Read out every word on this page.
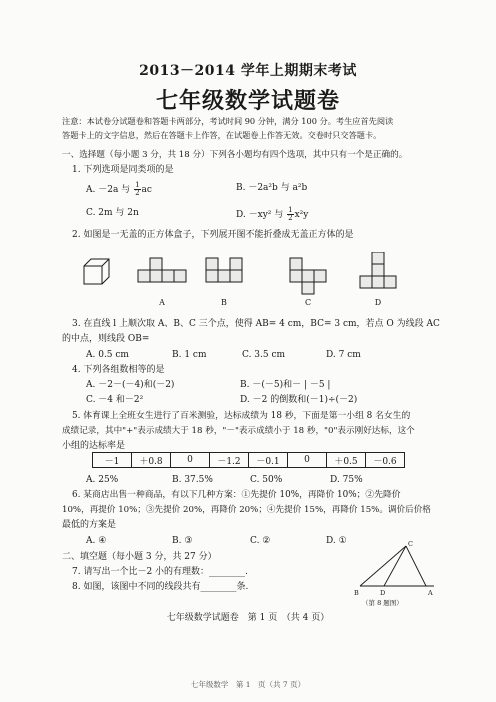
2013－2014 学年上期期末考试
七年级数学试题卷
注意：本试卷分试题卷和答题卡两部分，考试时间 90 分钟，满分 100 分。考生应首先阅读
答题卡上的文字信息，然后在答题卡上作答，在试题卷上作答无效。交卷时只交答题卡。
一、选择题（每小题 3 分，共 18 分）下列各小题均有四个选项，其中只有一个是正确的。
1. 下列选项是同类项的是
A. －2a 与 $\frac{1}{2}$ ac	B. －2a²b 与 a²b
C. 2m 与 2n	D. －xy² 与 $\frac{1}{2} x^2y$
2. 如图是一无盖的正方体盒子，下列展开图不能折叠成无盖正方体的是
A	B	C	D
3. 在直线 l 上顺次取 A、B、C 三个点，使得 AB= 4 cm，BC= 3 cm，若点 O 为线段 AC
的中点，则线段 OB=
A. 0.5 cm	B. 1 cm	C. 3.5 cm	D. 7 cm
4. 下列各组数相等的是
A. －2－(－4)和(－2)	B. －(－5)和－ | －5 |
C. －4 和－2²	D. －2 的倒数和(－1)÷(－2)
5. 体育课上全班女生进行了百米测验，达标成绩为 18 秒，下面是第一小组 8 名女生的
成绩记录，其中"+"表示成绩大于 18 秒，"－"表示成绩小于 18 秒，"0"表示刚好达标，这个
小组的达标率是
－1	＋0.8	0	－1.2	－0.1	0	＋0.5	－0.6
A. 25%	B. 37.5%	C. 50%	D. 75%
6. 某商店出售一种商品，有以下几种方案：①先提价 10%，再降价 10%；②先降价
10%，再提价 10%；③先提价 20%，再降价 20%；④先提价 15%，再降价 15%。调价后价格
最低的方案是
A. ④	B. ③	C. ②	D. ①
二、填空题（每小题 3 分，共 27 分）
7. 请写出一个比－2 小的有理数：________.
8. 如图，该图中不同的线段共有________条.
C
B	D	A
（第 8 题图）
七年级数学试题卷　第 1 页　（共 4 页）
七年级数学　第 1　页（共 7 页）
